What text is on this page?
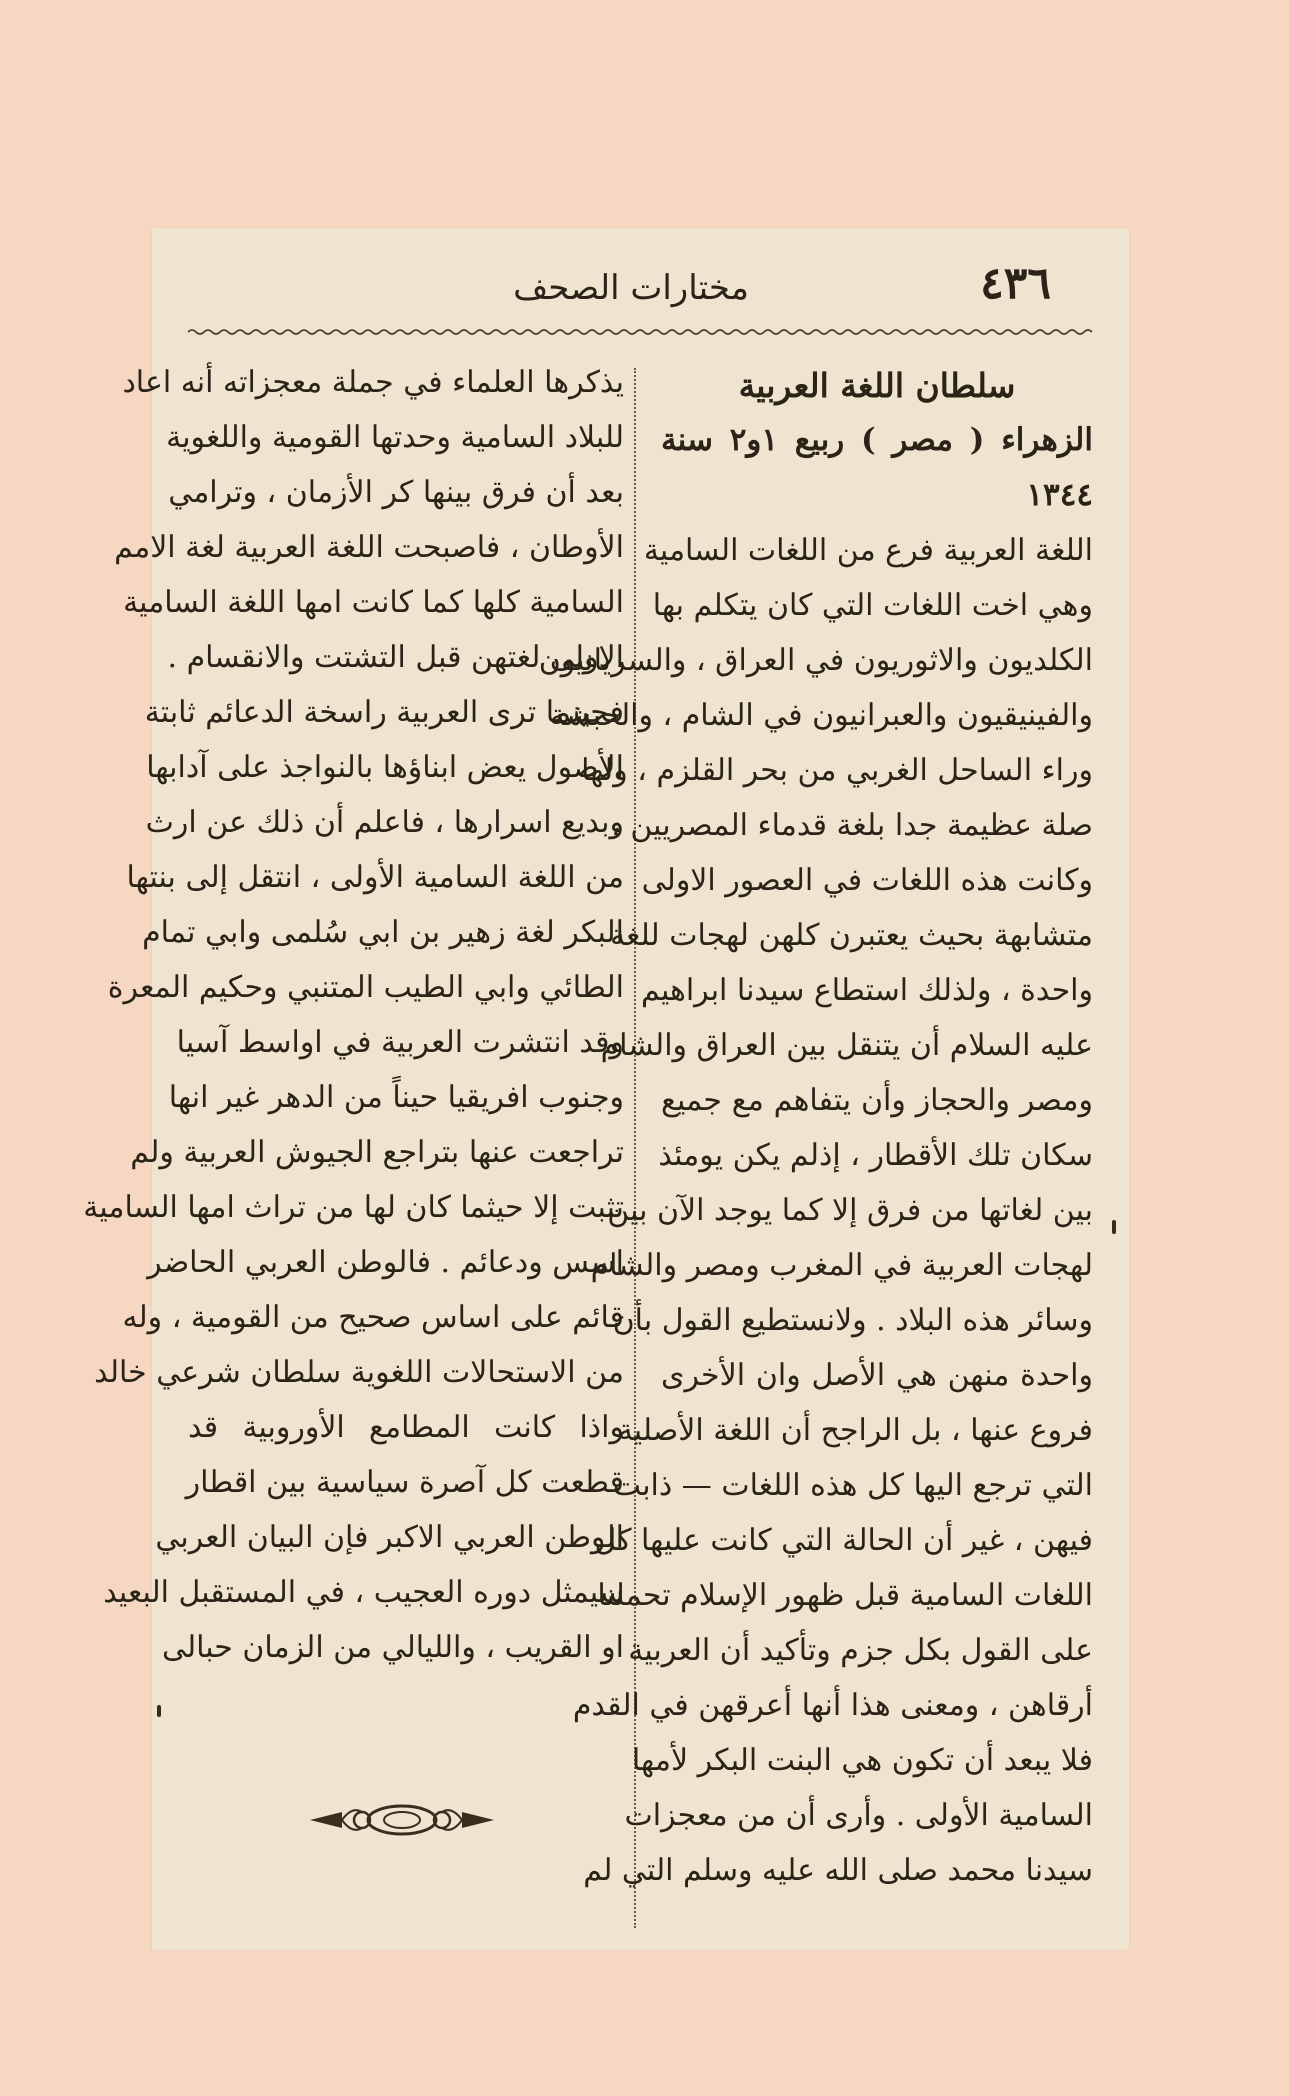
٤٣٦
مختارات الصحف
سلطان اللغة العربية
الزهراء ( مصر ) ربيع ١و٢ سنة ١٣٤٤
اللغة العربية فرع من اللغات السامية
وهي اخت اللغات التي كان يتكلم بها
الكلديون والاثوريون في العراق ، والسريانيون
والفينيقيون والعبرانيون في الشام ، والحبشة
وراء الساحل الغربي من بحر القلزم ، ولها
صلة عظيمة جدا بلغة قدماء المصريين ،
وكانت هذه اللغات في العصور الاولى
متشابهة بحيث يعتبرن كلهن لهجات للغة
واحدة ، ولذلك استطاع سيدنا ابراهيم
عليه السلام أن يتنقل بين العراق والشام
ومصر والحجاز وأن يتفاهم مع جميع
سكان تلك الأقطار ، إذلم يكن يومئذ
بين لغاتها من فرق إلا كما يوجد الآن بين
لهجات العربية في المغرب ومصر والشام
وسائر هذه البلاد . ولانستطيع القول بأن
واحدة منهن هي الأصل وان الأخرى
فروع عنها ، بل الراجح أن اللغة الأصلية
التي ترجع اليها كل هذه اللغات — ذابت
فيهن ، غير أن الحالة التي كانت عليها كل
اللغات السامية قبل ظهور الإسلام تحملنا
على القول بكل جزم وتأكيد أن العربية
أرقاهن ، ومعنى هذا أنها أعرقهن في القدم
فلا يبعد أن تكون هي البنت البكر لأمها
السامية الأولى . وأرى أن من معجزات
سيدنا محمد صلى الله عليه وسلم التي لم
يذكرها العلماء في جملة معجزاته أنه اعاد
للبلاد السامية وحدتها القومية واللغوية
بعد أن فرق بينها كر الأزمان ، وترامي
الأوطان ، فاصبحت اللغة العربية لغة الامم
السامية كلها كما كانت امها اللغة السامية
الاولى لغتهن قبل التشتت والانقسام .
فحينما ترى العربية راسخة الدعائم ثابتة
الأصول يعض ابناؤها بالنواجذ على آدابها
وبديع اسرارها ، فاعلم أن ذلك عن ارث
من اللغة السامية الأولى ، انتقل إلى بنتها
البكر لغة زهير بن ابي سُلمى وابي تمام
الطائي وابي الطيب المتنبي وحكيم المعرة
وقد انتشرت العربية في اواسط آسيا
وجنوب افريقيا حيناً من الدهر غير انها
تراجعت عنها بتراجع الجيوش العربية ولم
تثبت إلا حيثما كان لها من تراث امها السامية
اسس ودعائم . فالوطن العربي الحاضر
قائم على اساس صحيح من القومية ، وله
من الاستحالات اللغوية سلطان شرعي خالد
واذا كانت المطامع الأوروبية قد
قطعت كل آصرة سياسية بين اقطار
الوطن العربي الاكبر فإن البيان العربي
سيمثل دوره العجيب ، في المستقبل البعيد
او القريب ، والليالي من الزمان حبالى
